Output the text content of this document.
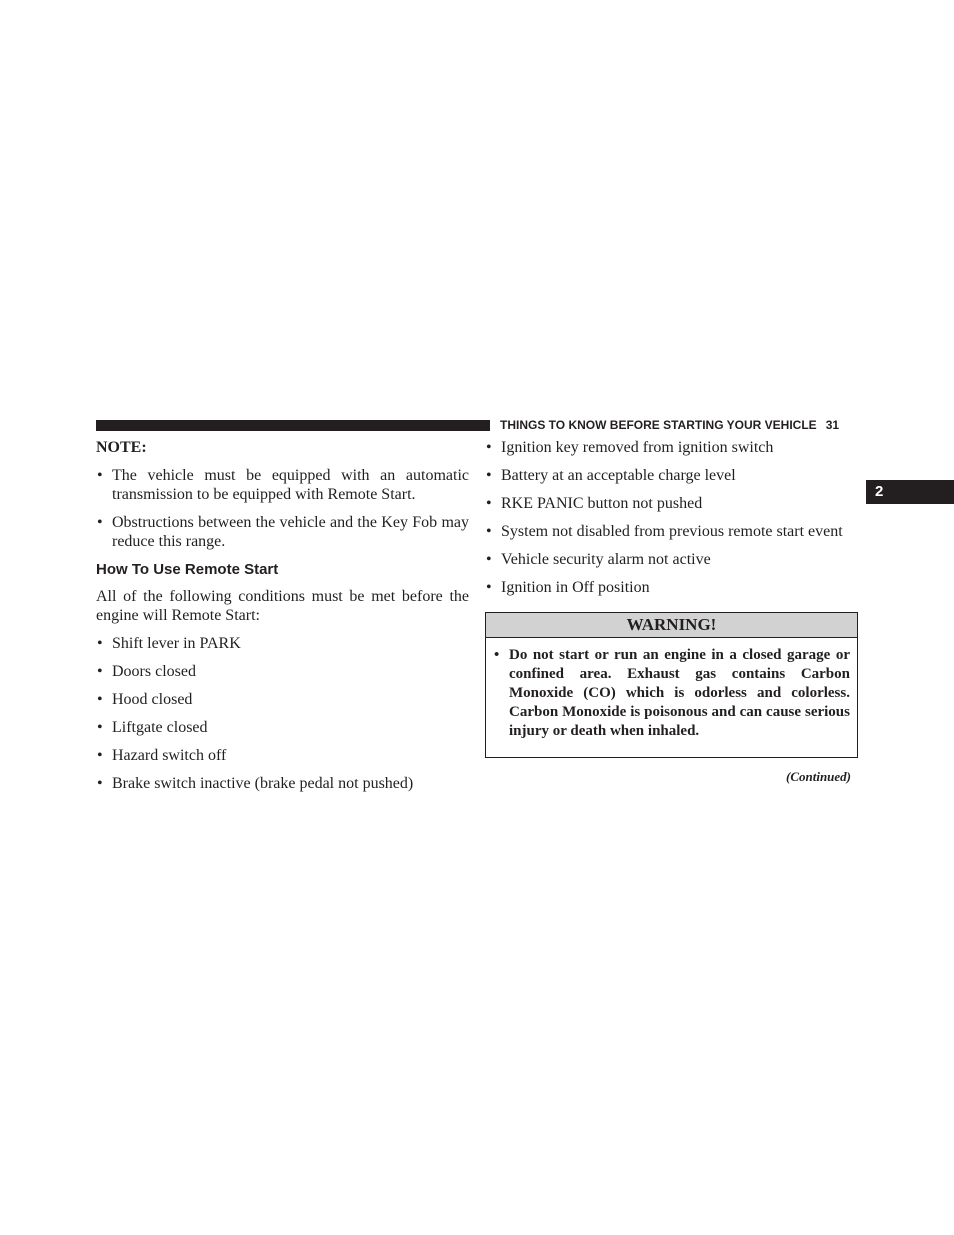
THINGS TO KNOW BEFORE STARTING YOUR VEHICLE 31
2
NOTE:
• The vehicle must be equipped with an automatic transmission to be equipped with Remote Start.
• Obstructions between the vehicle and the Key Fob may reduce this range.
How To Use Remote Start

All of the following conditions must be met before the engine will Remote Start:

• Shift lever in PARK
• Doors closed
• Hood closed
• Liftgate closed
• Hazard switch off
• Brake switch inactive (brake pedal not pushed)
• Ignition key removed from ignition switch
• Battery at an acceptable charge level
• RKE PANIC button not pushed
• System not disabled from previous remote start event
• Vehicle security alarm not active
• Ignition in Off position
WARNING!
• Do not start or run an engine in a closed garage or confined area. Exhaust gas contains Carbon Monoxide (CO) which is odorless and colorless. Carbon Monoxide is poisonous and can cause serious injury or death when inhaled.
(Continued)
